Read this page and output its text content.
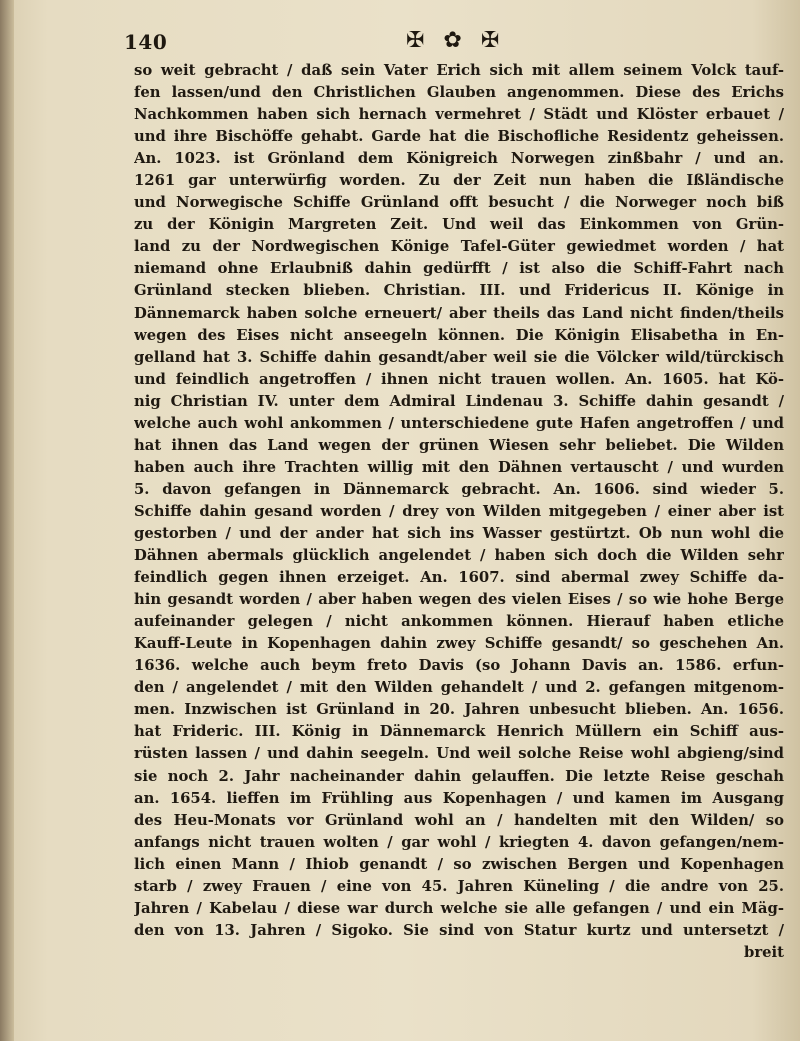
140	✠ ✿ ✠
so weit gebracht / daß sein Vater Erich sich mit allem seinem Volck tauf-
fen lassen/und den Christlichen Glauben angenommen. Diese des Erichs
Nachkommen haben sich hernach vermehret / Städt und Klöster erbauet /
und ihre Bischöffe gehabt. Garde hat die Bischofliche Residentz geheissen.
An. 1023. ist Grönland dem Königreich Norwegen zinßbahr / und an.
1261 gar unterwürfig worden. Zu der Zeit nun haben die Ißländische
und Norwegische Schiffe Grünland offt besucht / die Norweger noch biß
zu der Königin Margreten Zeit. Und weil das Einkommen von Grün-
land zu der Nordwegischen Könige Tafel-Güter gewiedmet worden / hat
niemand ohne Erlaubniß dahin gedürfft / ist also die Schiff-Fahrt nach
Grünland stecken blieben. Christian. III. und Fridericus II. Könige in
Dännemarck haben solche erneuert/ aber theils das Land nicht finden/theils
wegen des Eises nicht anseegeln können. Die Königin Elisabetha in En-
gelland hat 3. Schiffe dahin gesandt/aber weil sie die Völcker wild/türckisch
und feindlich angetroffen / ihnen nicht trauen wollen. An. 1605. hat Kö-
nig Christian IV. unter dem Admiral Lindenau 3. Schiffe dahin gesandt /
welche auch wohl ankommen / unterschiedene gute Hafen angetroffen / und
hat ihnen das Land wegen der grünen Wiesen sehr beliebet. Die Wilden
haben auch ihre Trachten willig mit den Dähnen vertauscht / und wurden
5. davon gefangen in Dännemarck gebracht. An. 1606. sind wieder 5.
Schiffe dahin gesand worden / drey von Wilden mitgegeben / einer aber ist
gestorben / und der ander hat sich ins Wasser gestürtzt. Ob nun wohl die
Dähnen abermals glücklich angelendet / haben sich doch die Wilden sehr
feindlich gegen ihnen erzeiget. An. 1607. sind abermal zwey Schiffe da-
hin gesandt worden / aber haben wegen des vielen Eises / so wie hohe Berge
aufeinander gelegen / nicht ankommen können. Hierauf haben etliche
Kauff-Leute in Kopenhagen dahin zwey Schiffe gesandt/ so geschehen An.
1636. welche auch beym freto Davis (so Johann Davis an. 1586. erfun-
den / angelendet / mit den Wilden gehandelt / und 2. gefangen mitgenom-
men. Inzwischen ist Grünland in 20. Jahren unbesucht blieben. An. 1656.
hat Frideric. III. König in Dännemarck Henrich Müllern ein Schiff aus-
rüsten lassen / und dahin seegeln. Und weil solche Reise wohl abgieng/sind
sie noch 2. Jahr nacheinander dahin gelauffen. Die letzte Reise geschah
an. 1654. lieffen im Frühling aus Kopenhagen / und kamen im Ausgang
des Heu-Monats vor Grünland wohl an / handelten mit den Wilden/ so
anfangs nicht trauen wolten / gar wohl / kriegten 4. davon gefangen/nem-
lich einen Mann / Ihiob genandt / so zwischen Bergen und Kopenhagen
starb / zwey Frauen / eine von 45. Jahren Küneling / die andre von 25.
Jahren / Kabelau / diese war durch welche sie alle gefangen / und ein Mäg-
den von 13. Jahren / Sigoko. Sie sind von Statur kurtz und untersetzt /
breit
